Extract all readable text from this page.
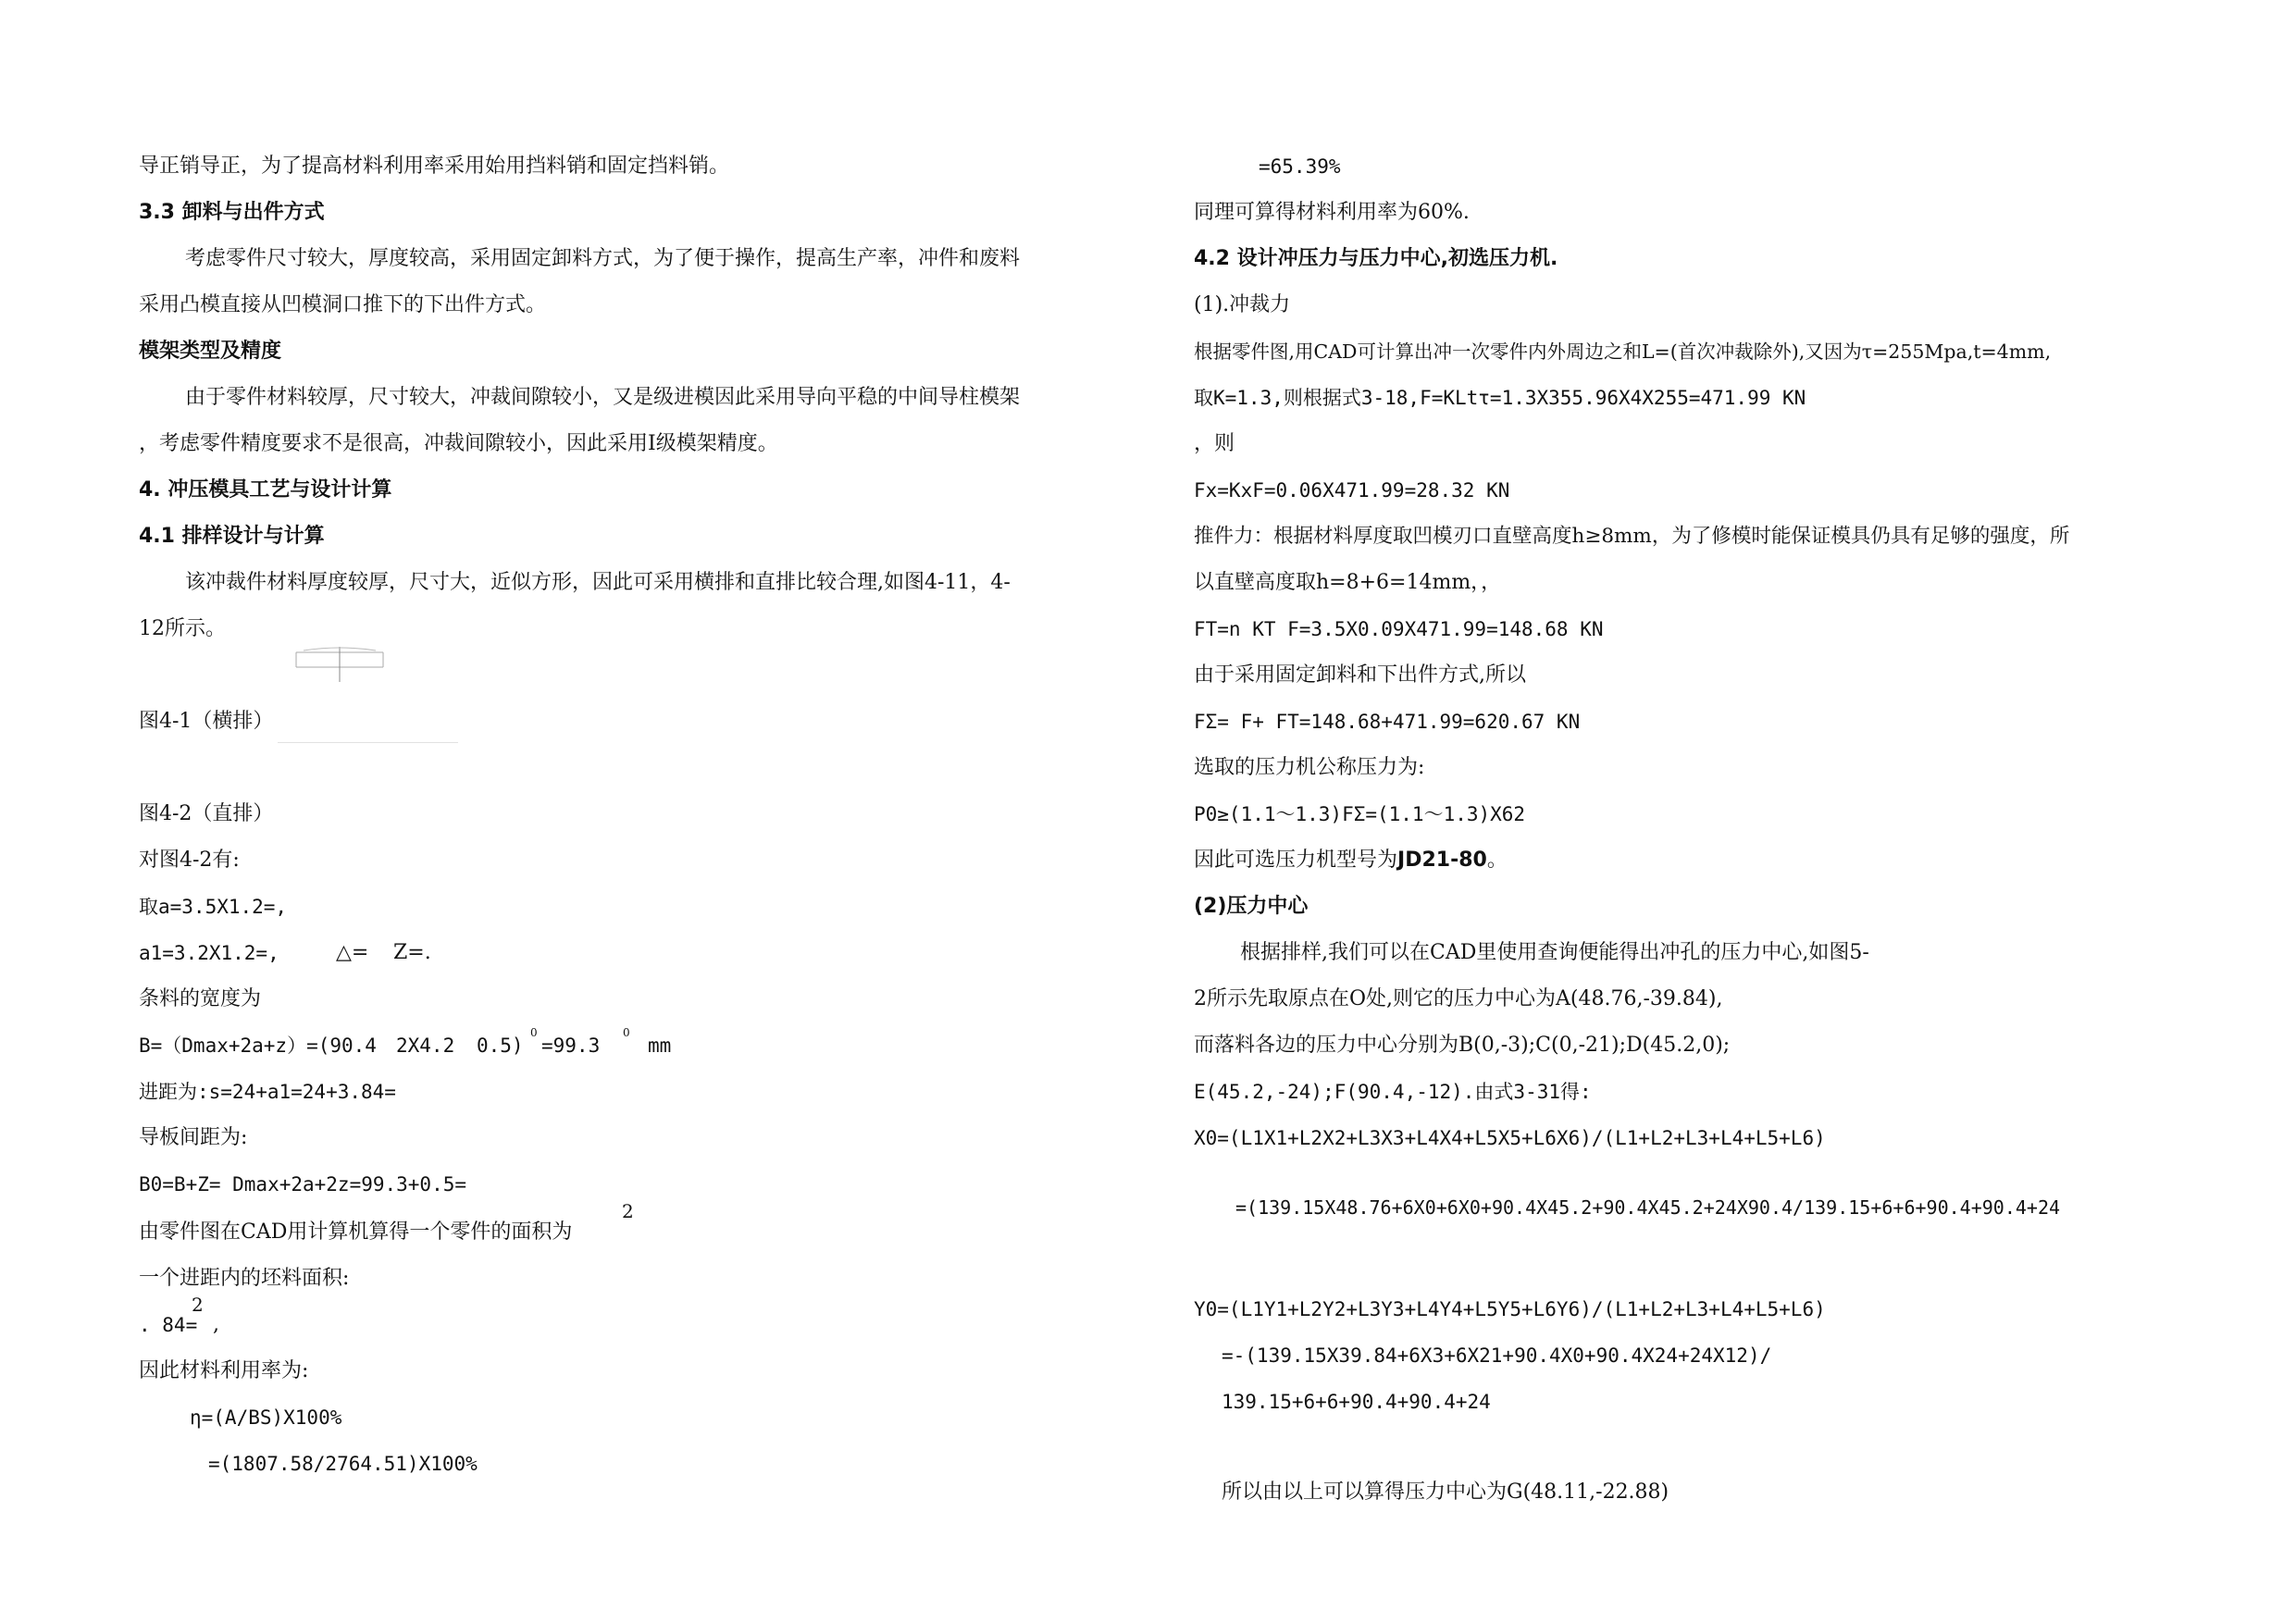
导正销导正，为了提高材料利用率采用始用挡料销和固定挡料销。
3.3 卸料与出件方式
考虑零件尺寸较大，厚度较高，采用固定卸料方式，为了便于操作，提高生产率，冲件和废料
采用凸模直接从凹模洞口推下的下出件方式。
模架类型及精度
由于零件材料较厚，尺寸较大，冲裁间隙较小，又是级进模因此采用导向平稳的中间导柱模架
，考虑零件精度要求不是很高，冲裁间隙较小，因此采用Ⅰ级模架精度。
4. 冲压模具工艺与设计计算
4.1 排样设计与计算
该冲裁件材料厚度较厚，尺寸大，近似方形，因此可采用横排和直排比较合理,如图4-11，4-
12所示。
图4-1（横排）
图4-2（直排）
对图4-2有:
取a=3.5X1.2=,
a1=3.2X1.2=,	△= Z=.
条料的宽度为
B=（Dmax+2a+z）=(90.4 2X4.2 0.5)
0
=99.3
0
mm
进距为:s=24+a1=24+3.84=
导板间距为:
B0=B+Z= Dmax+2a+2z=99.3+0.5=
由零件图在CAD用计算机算得一个零件的面积为
2
一个进距内的坯料面积:
. 84=
2
,
因此材料利用率为:
η=(A/BS)X100%
=(1807.58/2764.51)X100%
=65.39%
同理可算得材料利用率为60%.
4.2 设计冲压力与压力中心,初选压力机.
(1).冲裁力
根据零件图,用CAD可计算出冲一次零件内外周边之和L=(首次冲裁除外),又因为τ=255Mpa,t=4mm,
取K=1.3,则根据式3-18,F=KLtτ=1.3X355.96X4X255=471.99 KN
，则
Fx=KxF=0.06X471.99=28.32 KN
推件力：根据材料厚度取凹模刃口直壁高度h≥8mm，为了修模时能保证模具仍具有足够的强度，所
以直壁高度取h=8+6=14mm，，
FT=n KT F=3.5X0.09X471.99=148.68 KN
由于采用固定卸料和下出件方式,所以
FΣ= F+ FT=148.68+471.99=620.67 KN
选取的压力机公称压力为:
P0≥(1.1～1.3)FΣ=(1.1～1.3)X62
因此可选压力机型号为JD21-80。
(2)压力中心
根据排样,我们可以在CAD里使用查询便能得出冲孔的压力中心,如图5-
2所示先取原点在O处,则它的压力中心为A(48.76,-39.84),
而落料各边的压力中心分别为B(0,-3);C(0,-21);D(45.2,0);
E(45.2,-24);F(90.4,-12).由式3-31得:
X0=(L1X1+L2X2+L3X3+L4X4+L5X5+L6X6)/(L1+L2+L3+L4+L5+L6)
=(139.15X48.76+6X0+6X0+90.4X45.2+90.4X45.2+24X90.4/139.15+6+6+90.4+90.4+24
Y0=(L1Y1+L2Y2+L3Y3+L4Y4+L5Y5+L6Y6)/(L1+L2+L3+L4+L5+L6)
=-(139.15X39.84+6X3+6X21+90.4X0+90.4X24+24X12)/
139.15+6+6+90.4+90.4+24
所以由以上可以算得压力中心为G(48.11,-22.88)
